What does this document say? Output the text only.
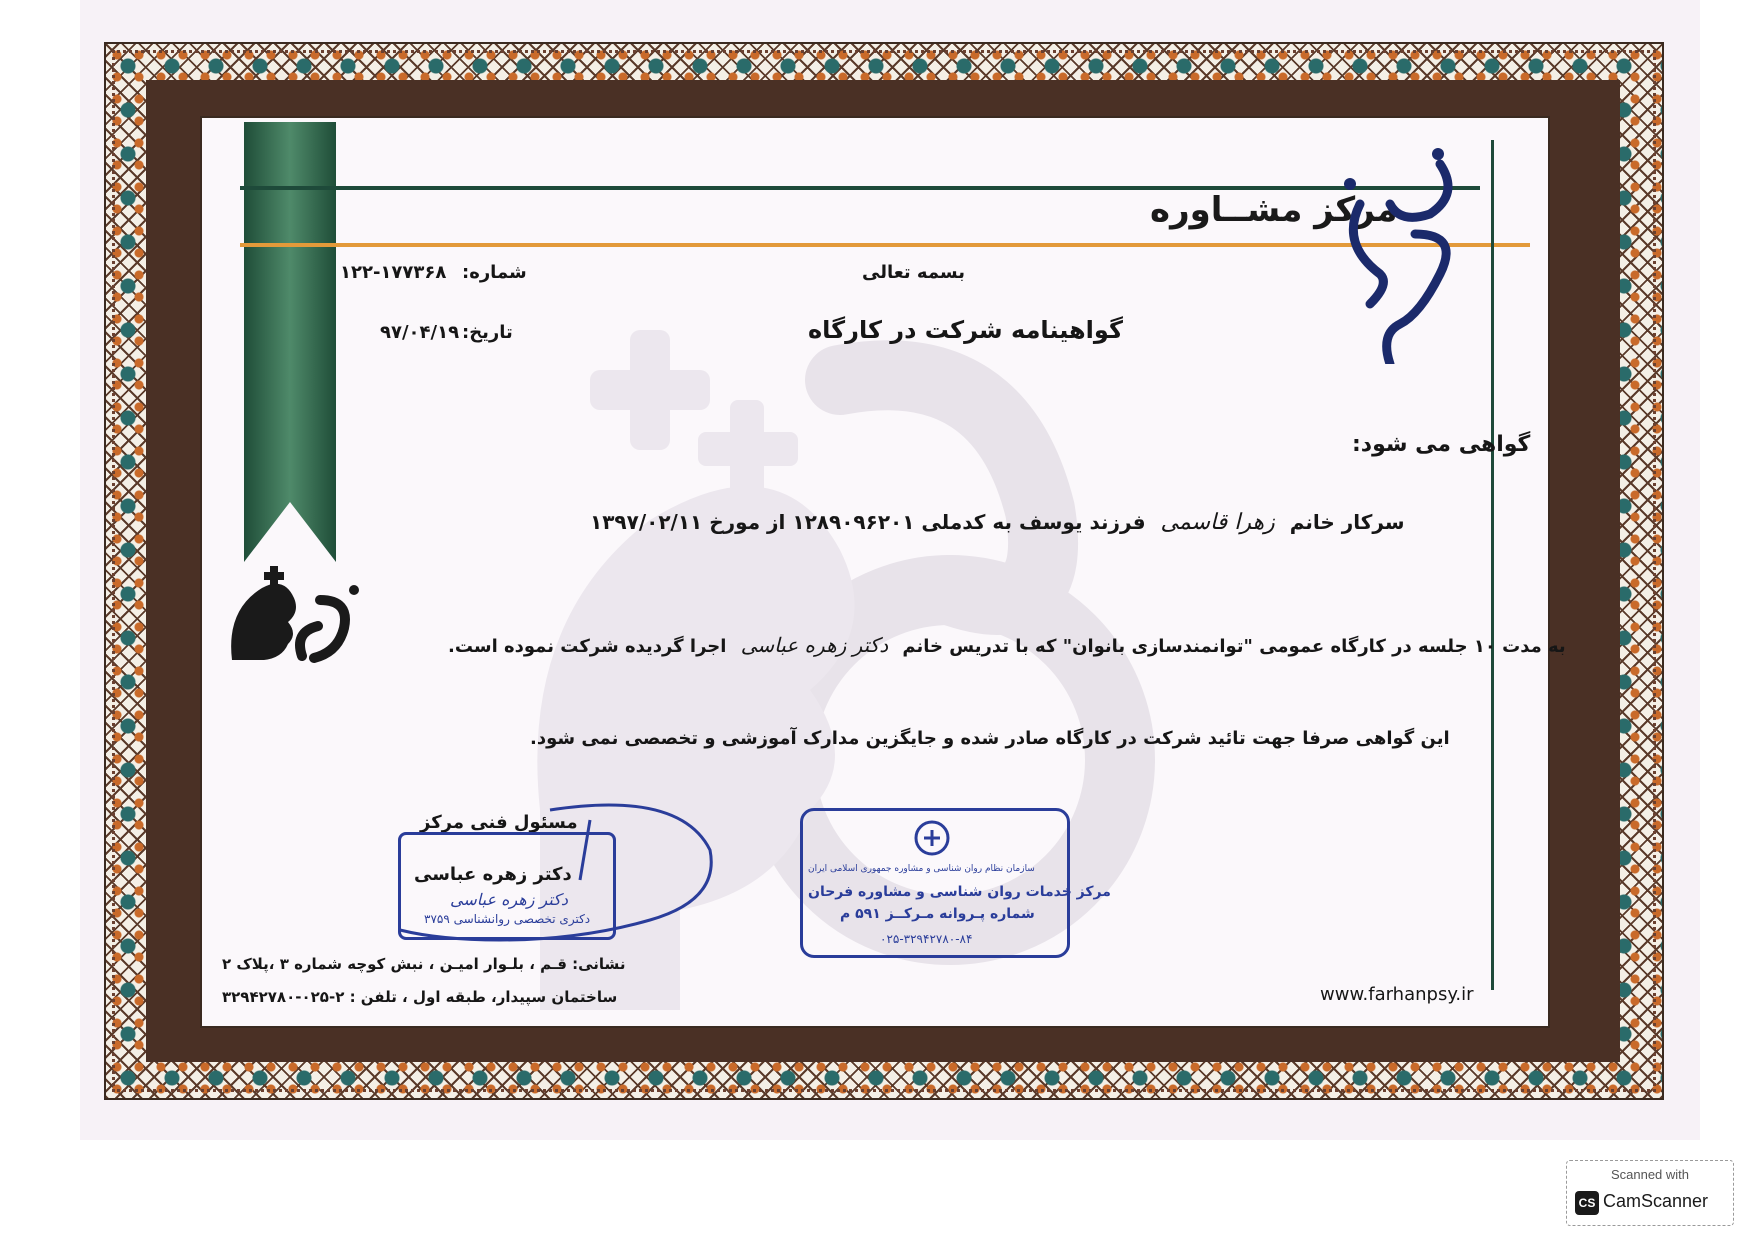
مرکز مشــاوره
بسمه تعالی
شماره:
۱۲۲-۱۷۷۳۶۸
تاریخ:
۹۷/۰۴/۱۹	گواهینامه شرکت در کارگاه
گواهی می شود:
سرکار خانم زهرا قاسمی فرزند یوسف به کدملی ۱۲۸۹۰۹۶۲۰۱ از مورخ ۱۳۹۷/۰۲/۱۱
به مدت ۱۰ جلسه در کارگاه عمومی "توانمندسازی بانوان" که با تدریس خانم دکتر زهره عباسی اجرا گردیده شرکت نموده است.
این گواهی صرفا جهت تائید شرکت در کارگاه صادر شده و جایگزین مدارک آموزشی و تخصصی نمی شود.
مسئول فنی مرکز
دکتر زهره عباسی
دکتر زهره عباسی
دکتری تخصصی روانشناسی ۳۷۵۹
سازمان نظام روان شناسی و مشاوره جمهوری اسلامی ایران
مرکز خدمات روان شناسی و مشاوره فرحان
شماره پـروانه مـرکــز ۵۹۱ م
۰۲۵-۳۲۹۴۲۷۸۰-۸۴
نشانی: قـم ، بلـوار امیـن ، نبش کوچه شماره ۳ ،پلاک ۲
ساختمان سپیدار، طبقه اول ، تلفن : ۲-۰۲۵-۳۲۹۴۲۷۸۰	www.farhanpsy.ir
Scanned with
CS CamScanner
